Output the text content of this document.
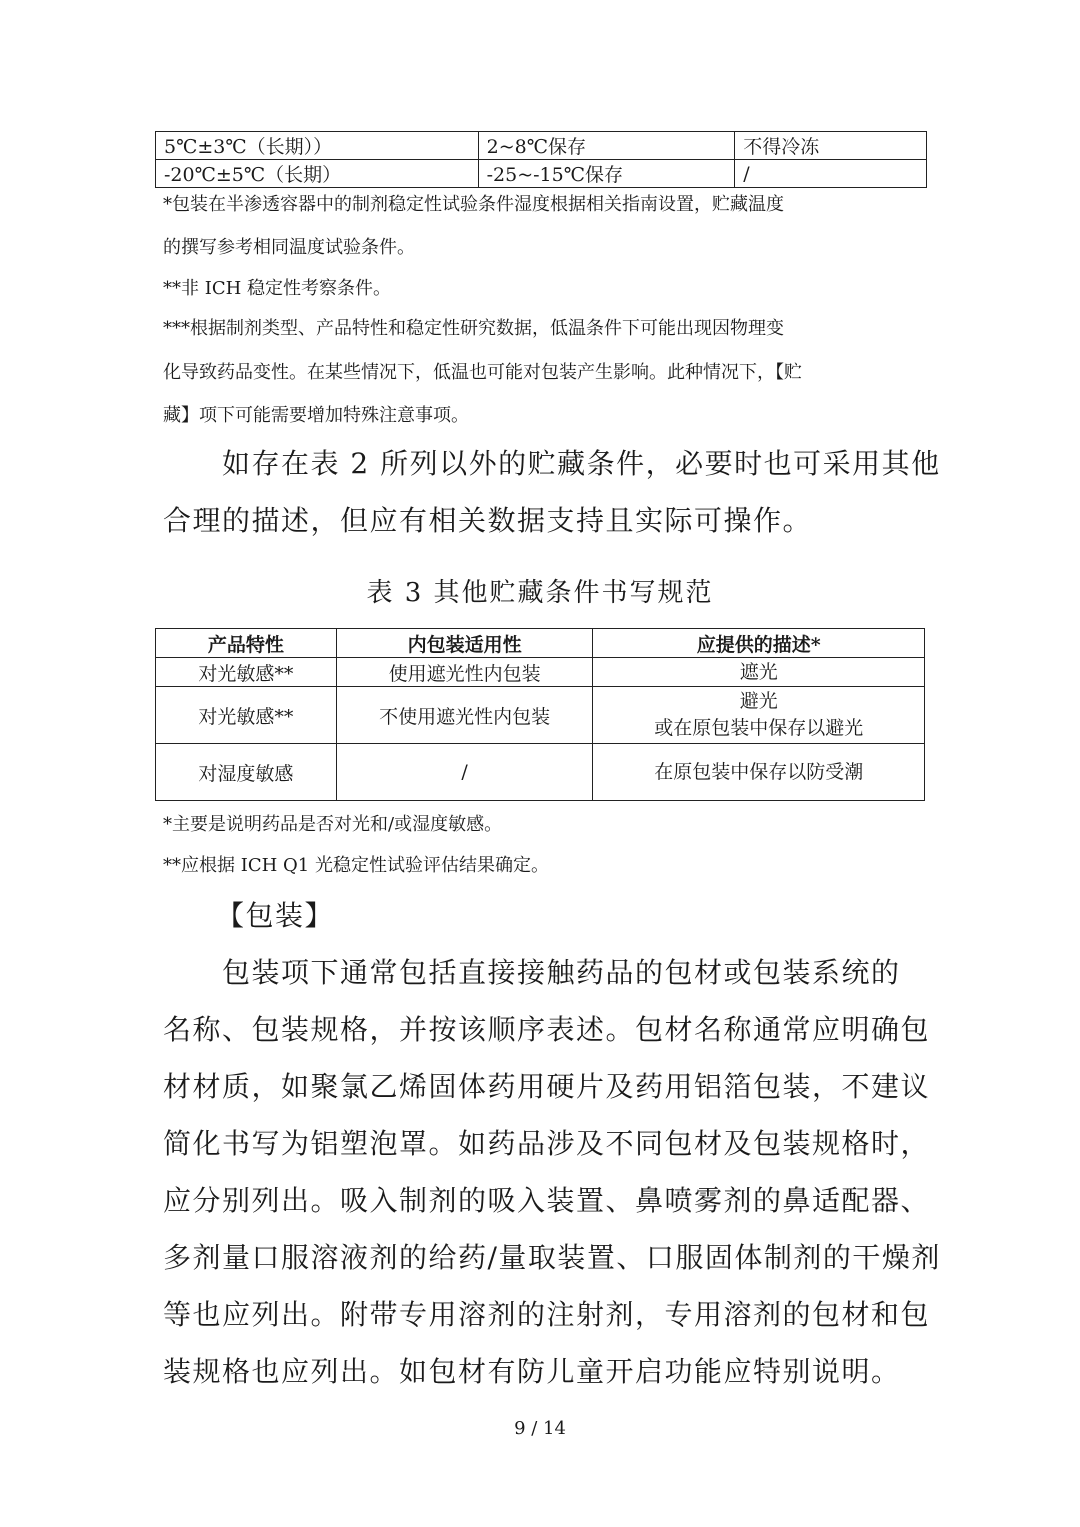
5℃±3℃（长期））	2~8℃保存	不得冷冻
-20℃±5℃（长期）	-25~-15℃保存	/
*包装在半渗透容器中的制剂稳定性试验条件湿度根据相关指南设置，贮藏温度
的撰写参考相同温度试验条件。
**非 ICH 稳定性考察条件。
***根据制剂类型、产品特性和稳定性研究数据，低温条件下可能出现因物理变
化导致药品变性。在某些情况下，低温也可能对包装产生影响。此种情况下，【贮
藏】项下可能需要增加特殊注意事项。
如存在表 2 所列以外的贮藏条件，必要时也可采用其他
合理的描述，但应有相关数据支持且实际可操作。
表 3 其他贮藏条件书写规范
产品特性	内包装适用性	应提供的描述*
对光敏感**	使用遮光性内包装	遮光

对光敏感**	不使用遮光性内包装	避光
或在原包装中保存以避光

对湿度敏感	/	在原包装中保存以防受潮
*主要是说明药品是否对光和/或湿度敏感。
**应根据 ICH Q1 光稳定性试验评估结果确定。
【包装】
包装项下通常包括直接接触药品的包材或包装系统的
名称、包装规格，并按该顺序表述。包材名称通常应明确包
材材质，如聚氯乙烯固体药用硬片及药用铝箔包装，不建议
简化书写为铝塑泡罩。如药品涉及不同包材及包装规格时，
应分别列出。吸入制剂的吸入装置、鼻喷雾剂的鼻适配器、
多剂量口服溶液剂的给药/量取装置、口服固体制剂的干燥剂
等也应列出。附带专用溶剂的注射剂，专用溶剂的包材和包
装规格也应列出。如包材有防儿童开启功能应特别说明。
9 / 14
